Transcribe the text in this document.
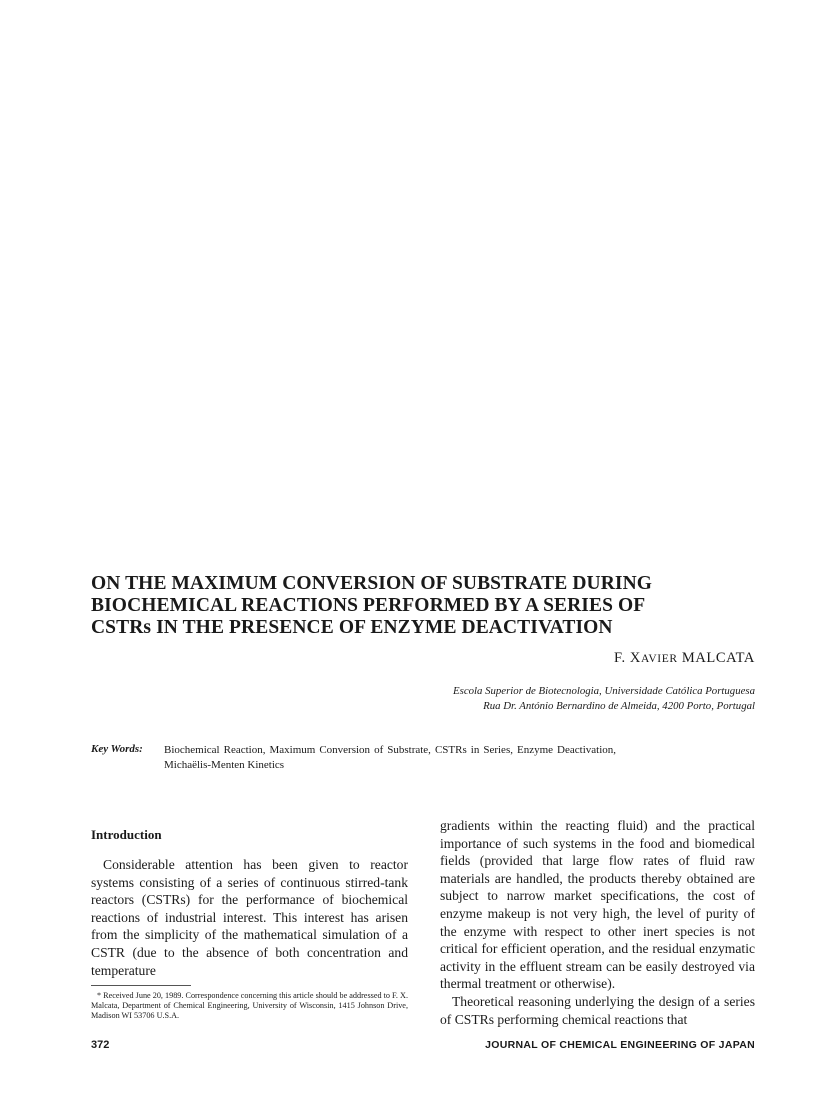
ON THE MAXIMUM CONVERSION OF SUBSTRATE DURING
BIOCHEMICAL REACTIONS PERFORMED BY A SERIES OF
CSTRs IN THE PRESENCE OF ENZYME DEACTIVATION
F. XAVIER MALCATA
Escola Superior de Biotecnologia, Universidade Católica Portuguesa
Rua Dr. António Bernardino de Almeida, 4200 Porto, Portugal
Key Words: Biochemical Reaction, Maximum Conversion of Substrate, CSTRs in Series, Enzyme Deactivation, Michaëlis-Menten Kinetics
Introduction

Considerable attention has been given to reactor systems consisting of a series of continuous stirred-tank reactors (CSTRs) for the performance of biochemical reactions of industrial interest. This interest has arisen from the simplicity of the mathematical simulation of a CSTR (due to the absence of both concentration and temperature

gradients within the reacting fluid) and the practical importance of such systems in the food and biomedical fields (provided that large flow rates of fluid raw materials are handled, the products thereby obtained are subject to narrow market specifications, the cost of enzyme makeup is not very high, the level of purity of the enzyme with respect to other inert species is not critical for efficient operation, and the residual enzymatic activity in the effluent stream can be easily destroyed via thermal treatment or otherwise).

Theoretical reasoning underlying the design of a series of CSTRs performing chemical reactions that

* Received June 20, 1989. Correspondence concerning this article should be addressed to F. X. Malcata, Department of Chemical Engineering, University of Wisconsin, 1415 Johnson Drive, Madison WI 53706 U.S.A.

372	JOURNAL OF CHEMICAL ENGINEERING OF JAPAN
